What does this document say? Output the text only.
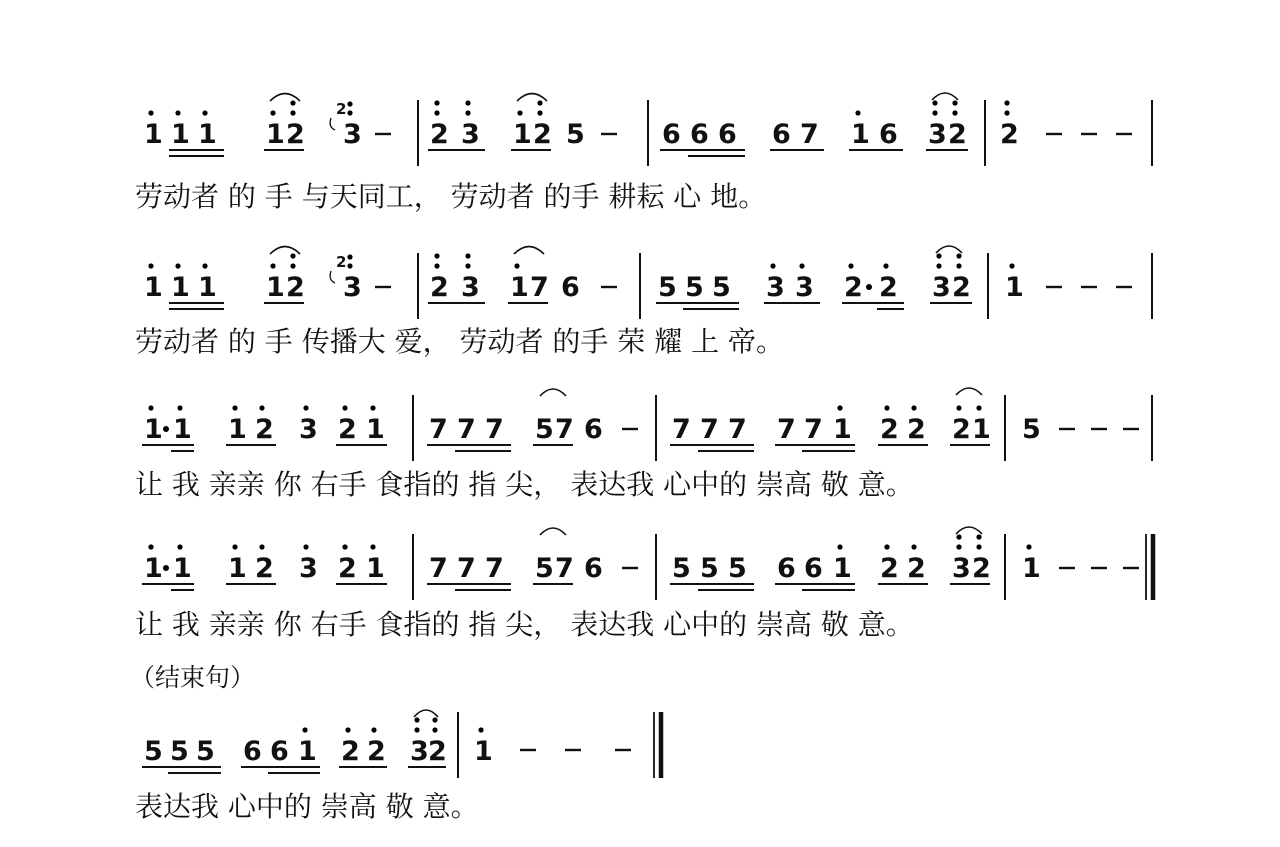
1 1 1 1 2
2
3	2 3 1 2 5	6 6 6 6 7 1 6 3 2 2
1 1 1 1 2
2
3	2 3 1 7 6	5 5 5 3 3 2 2 3 2 1
1 1 1 2 3 2 1 7 7 7 5 7 6	7 7 7 7 7 1 2 2 2 1 5
1 1 1 2 3 2 1 7 7 7 5 7 6	5 5 5 6 6 1 2 2 3 2 1
5 5 5 6 6 1 2 2 3 2 1
劳动者 的 手 与天同工， 劳动者 的手 耕耘 心 地。
劳动者 的 手 传播大 爱， 劳动者 的手 荣 耀 上 帝。
让 我 亲亲 你 右手 食指的 指 尖， 表达我 心中的 崇高 敬 意。
让 我 亲亲 你 右手 食指的 指 尖， 表达我 心中的 崇高 敬 意。
（结束句）
表达我 心中的 崇高 敬 意。
